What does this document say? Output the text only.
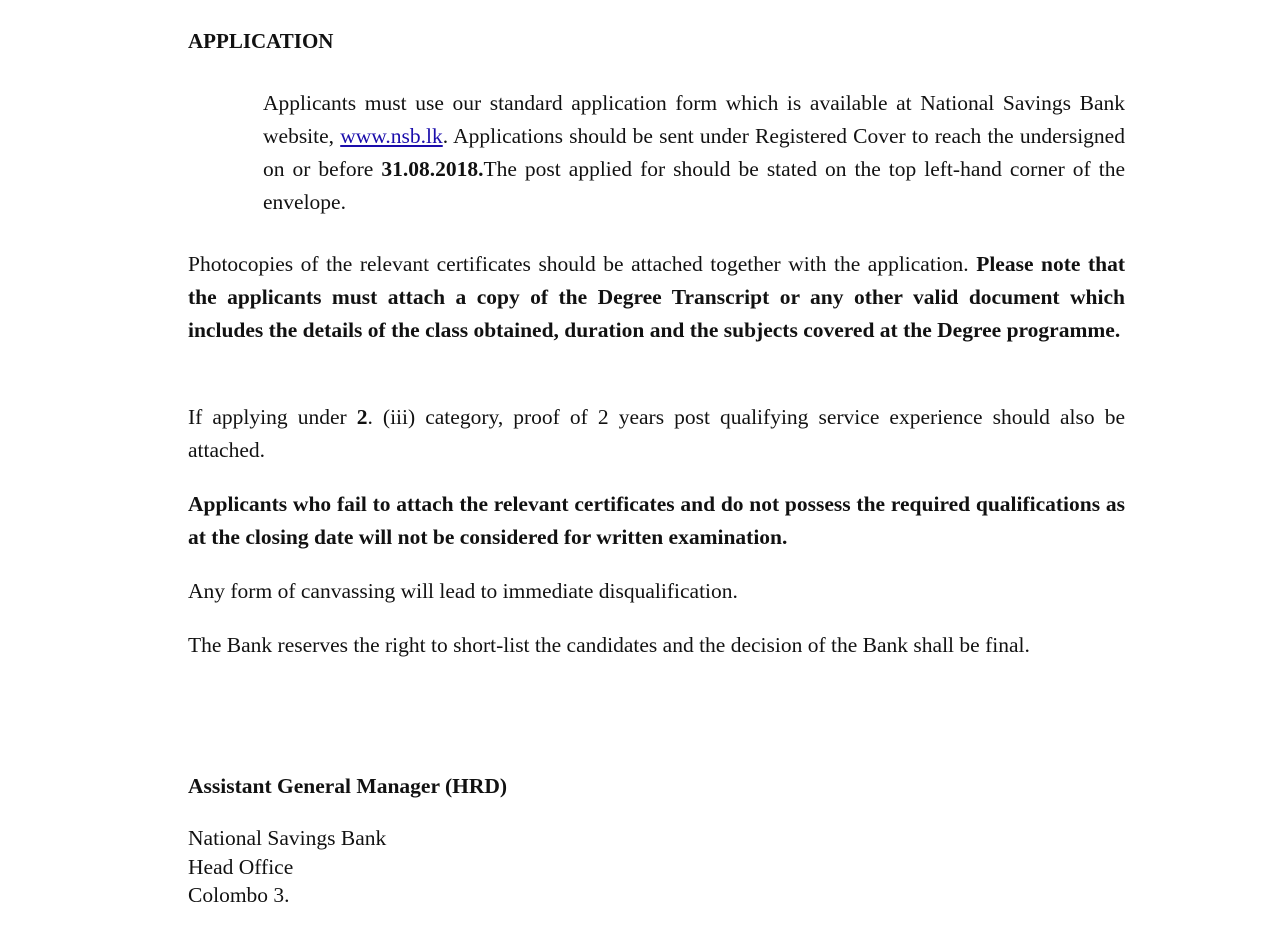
APPLICATION

Applicants must use our standard application form which is available at National Savings Bank website, www.nsb.lk. Applications should be sent under Registered Cover to reach the undersigned on or before 31.08.2018.The post applied for should be stated on the top left-hand corner of the envelope.

Photocopies of the relevant certificates should be attached together with the application. Please note that the applicants must attach a copy of the Degree Transcript or any other valid document which includes the details of the class obtained, duration and the subjects covered at the Degree programme.

If applying under 2. (iii) category, proof of 2 years post qualifying service experience should also be attached.

Applicants who fail to attach the relevant certificates and do not possess the required qualifications as at the closing date will not be considered for written examination.

Any form of canvassing will lead to immediate disqualification.

The Bank reserves the right to short-list the candidates and the decision of the Bank shall be final.

Assistant General Manager (HRD)

National Savings Bank
Head Office
Colombo 3.
